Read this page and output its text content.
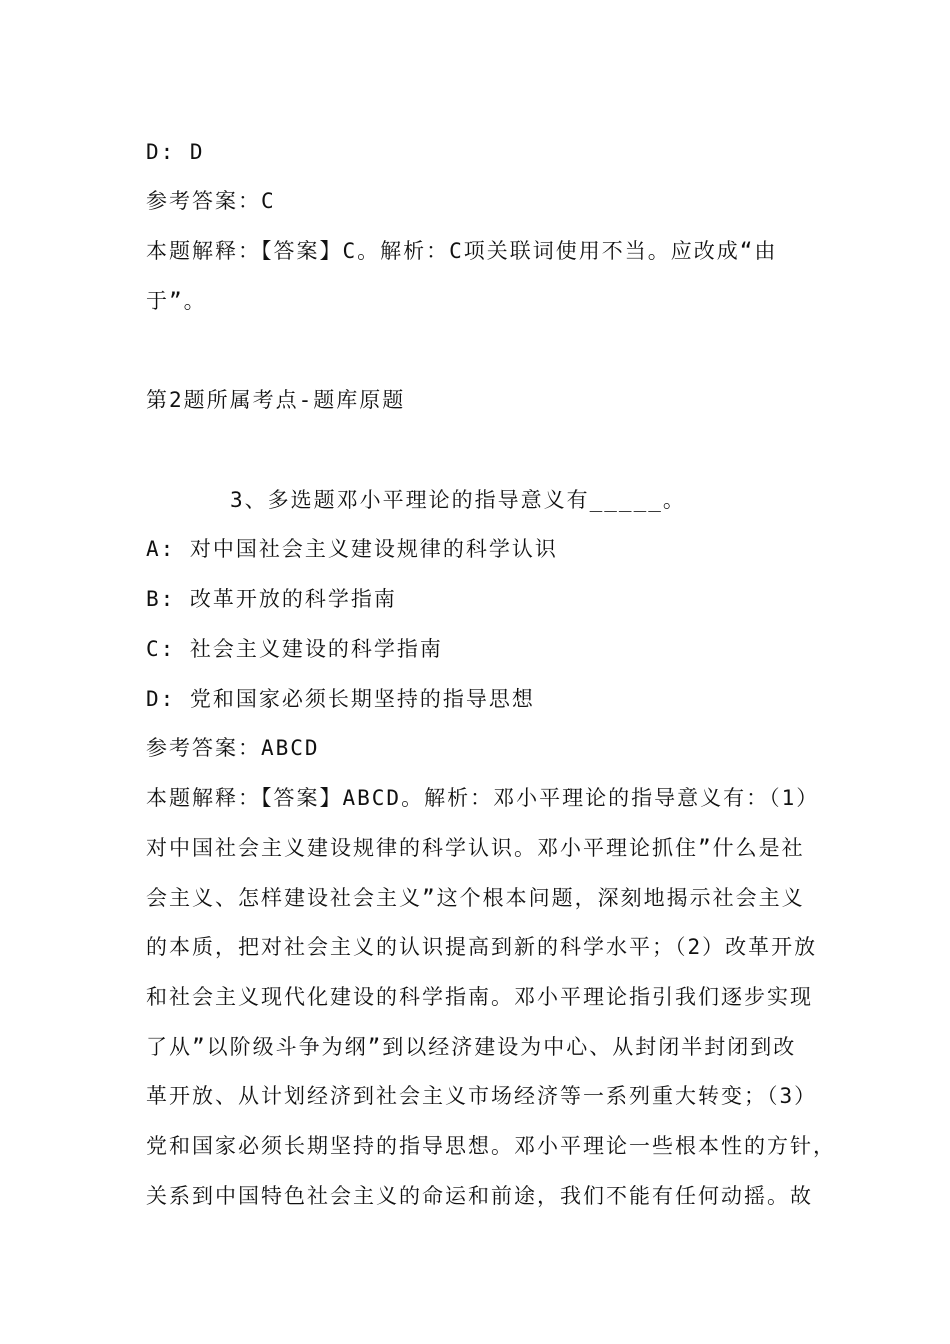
D: D
参考答案：C
本题解释：【答案】C。解析：C项关联词使用不当。应改成“由
于”。
第2题所属考点-题库原题
3、多选题邓小平理论的指导意义有_____。
A: 对中国社会主义建设规律的科学认识
B: 改革开放的科学指南
C: 社会主义建设的科学指南
D: 党和国家必须长期坚持的指导思想
参考答案：ABCD
本题解释：【答案】ABCD。解析：邓小平理论的指导意义有：（1）
对中国社会主义建设规律的科学认识。邓小平理论抓住”什么是社
会主义、怎样建设社会主义”这个根本问题，深刻地揭示社会主义
的本质，把对社会主义的认识提高到新的科学水平；（2）改革开放
和社会主义现代化建设的科学指南。邓小平理论指引我们逐步实现
了从”以阶级斗争为纲”到以经济建设为中心、从封闭半封闭到改
革开放、从计划经济到社会主义市场经济等一系列重大转变；（3）
党和国家必须长期坚持的指导思想。邓小平理论一些根本性的方针，
关系到中国特色社会主义的命运和前途，我们不能有任何动摇。故
